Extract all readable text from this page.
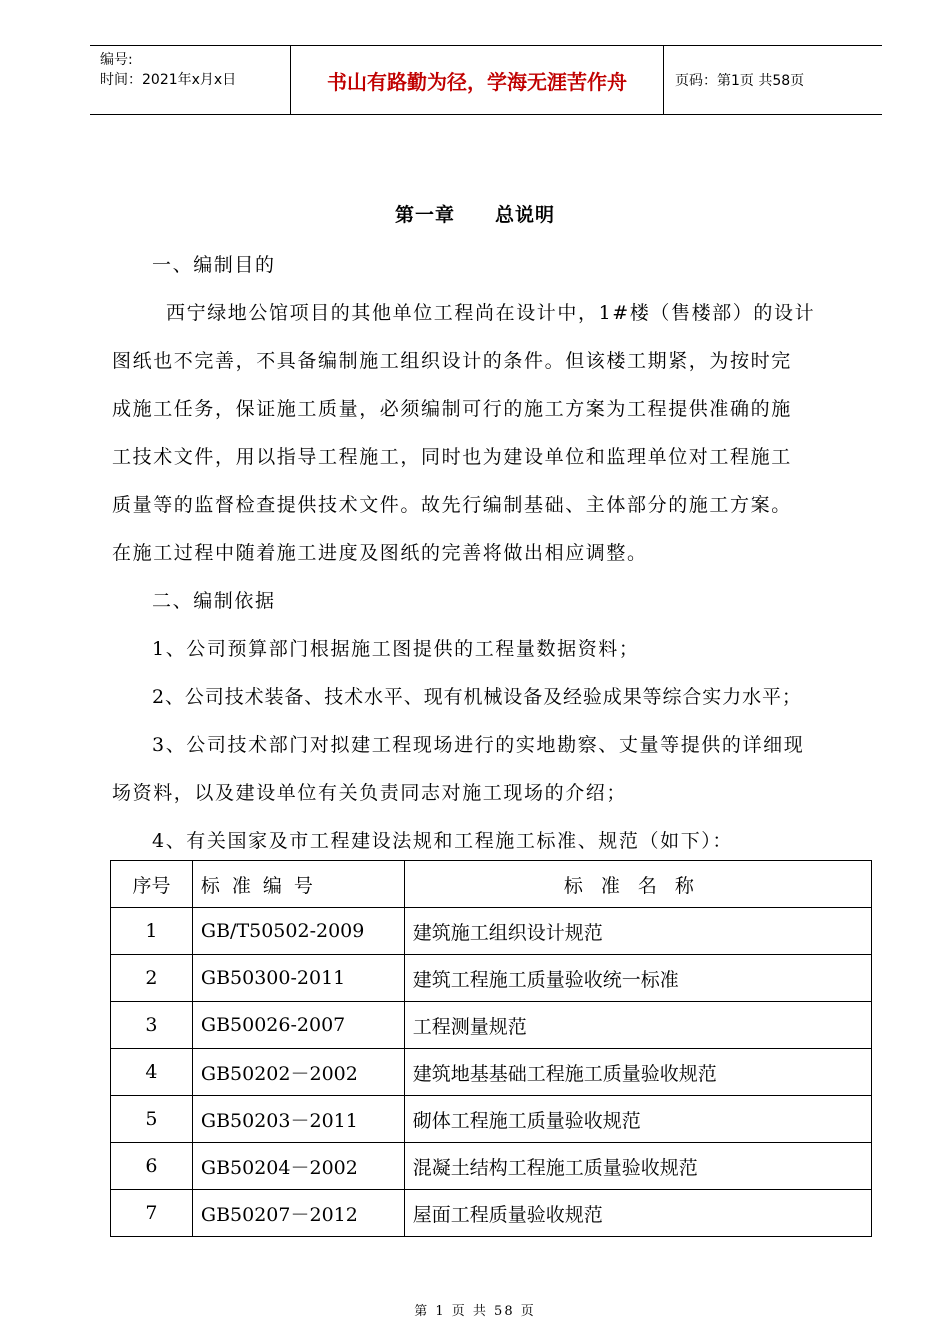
编号:
时间：2021年x月x日	书山有路勤为径，学海无涯苦作舟	页码：第1页 共58页
第一章 总说明
一、编制目的
西宁绿地公馆项目的其他单位工程尚在设计中，1#楼（售楼部）的设计
图纸也不完善，不具备编制施工组织设计的条件。但该楼工期紧，为按时完
成施工任务，保证施工质量，必须编制可行的施工方案为工程提供准确的施
工技术文件，用以指导工程施工，同时也为建设单位和监理单位对工程施工
质量等的监督检查提供技术文件。故先行编制基础、主体部分的施工方案。
在施工过程中随着施工进度及图纸的完善将做出相应调整。
二、编制依据
1、公司预算部门根据施工图提供的工程量数据资料；
2、公司技术装备、技术水平、现有机械设备及经验成果等综合实力水平；
3、公司技术部门对拟建工程现场进行的实地勘察、丈量等提供的详细现
场资料，以及建设单位有关负责同志对施工现场的介绍；
4、有关国家及市工程建设法规和工程施工标准、规范（如下）：
序号	标准编号	标准名称
1	GB/T50502-2009	建筑施工组织设计规范
2	GB50300-2011	建筑工程施工质量验收统一标准
3	GB50026-2007	工程测量规范
4	GB50202－2002	建筑地基基础工程施工质量验收规范
5	GB50203－2011	砌体工程施工质量验收规范
6	GB50204－2002	混凝土结构工程施工质量验收规范
7	GB50207－2012	屋面工程质量验收规范
第 1 页 共 58 页
